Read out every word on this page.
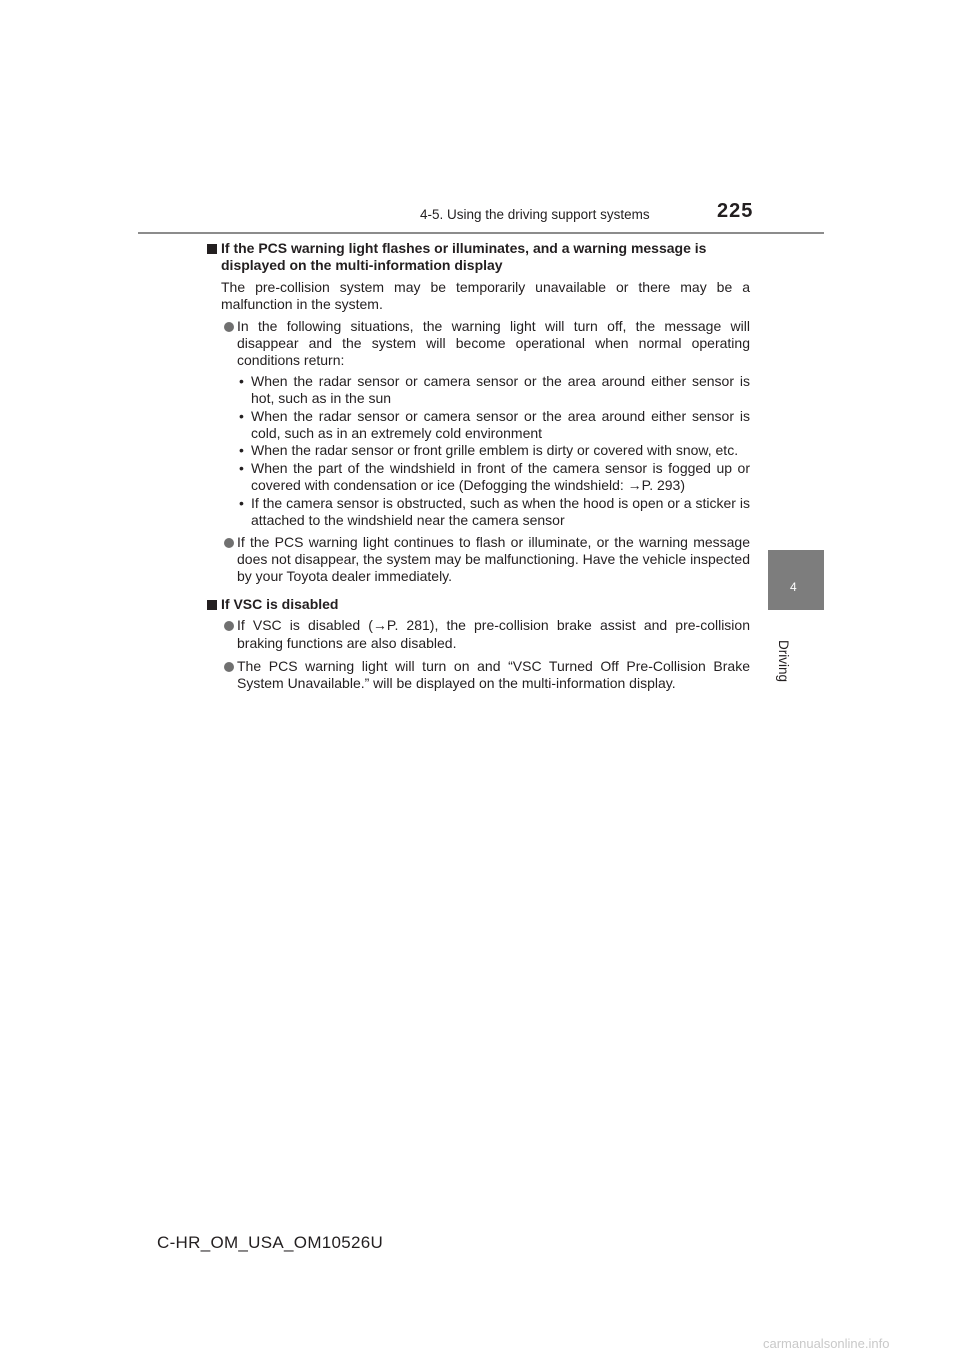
4-5. Using the driving support systems	225
4
Driving

If the PCS warning light flashes or illuminates, and a warning message is displayed on the multi-information display

The pre-collision system may be temporarily unavailable or there may be a malfunction in the system.

In the following situations, the warning light will turn off, the message will disappear and the system will become operational when normal operating conditions return:
• When the radar sensor or camera sensor or the area around either sensor is hot, such as in the sun
• When the radar sensor or camera sensor or the area around either sensor is cold, such as in an extremely cold environment
• When the radar sensor or front grille emblem is dirty or covered with snow, etc.
• When the part of the windshield in front of the camera sensor is fogged up or covered with condensation or ice (Defogging the windshield: →P. 293)
• If the camera sensor is obstructed, such as when the hood is open or a sticker is attached to the windshield near the camera sensor
If the PCS warning light continues to flash or illuminate, or the warning message does not disappear, the system may be malfunctioning. Have the vehicle inspected by your Toyota dealer immediately.

If VSC is disabled

If VSC is disabled (→P. 281), the pre-collision brake assist and pre-collision braking functions are also disabled.
The PCS warning light will turn on and “VSC Turned Off Pre-Collision Brake System Unavailable.” will be displayed on the multi-information display.
C-HR_OM_USA_OM10526U
carmanualsonline.info
